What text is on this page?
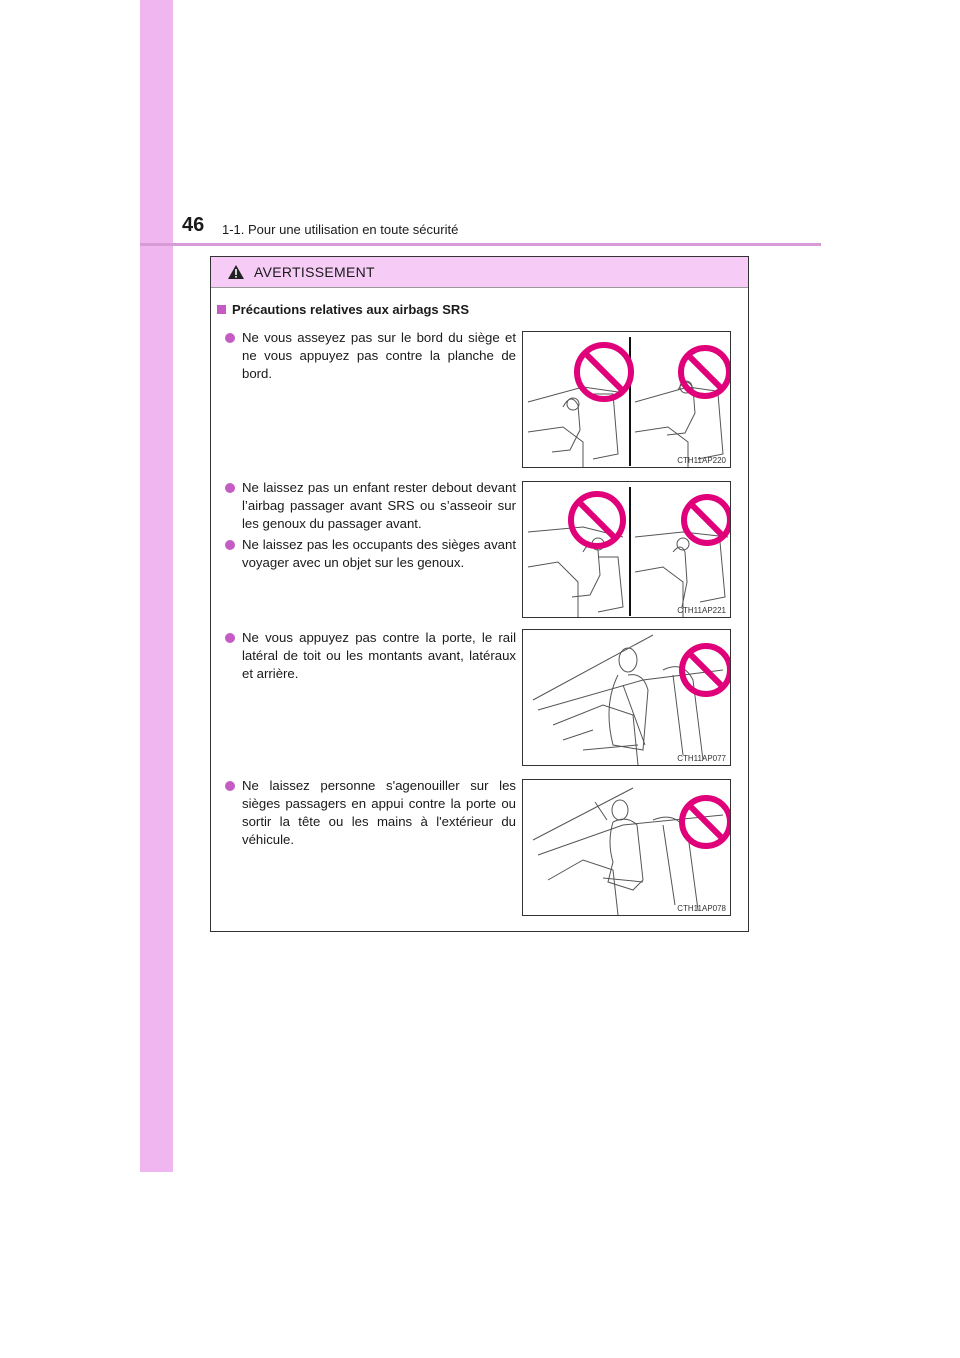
46 1-1. Pour une utilisation en toute sécurité
AVERTISSEMENT
Précautions relatives aux airbags SRS
Ne vous asseyez pas sur le bord du siège et ne vous appuyez pas contre la planche de bord.
Ne laissez pas un enfant rester debout devant l’airbag passager avant SRS ou s’asseoir sur les genoux du passager avant.
Ne laissez pas les occupants des sièges avant voyager avec un objet sur les genoux.
Ne vous appuyez pas contre la porte, le rail latéral de toit ou les montants avant, latéraux et arrière.
Ne laissez personne s'agenouiller sur les sièges passagers en appui contre la porte ou sortir la tête ou les mains à l'extérieur du véhicule.
CTH11AP220
CTH11AP221
CTH11AP077
CTH11AP078
